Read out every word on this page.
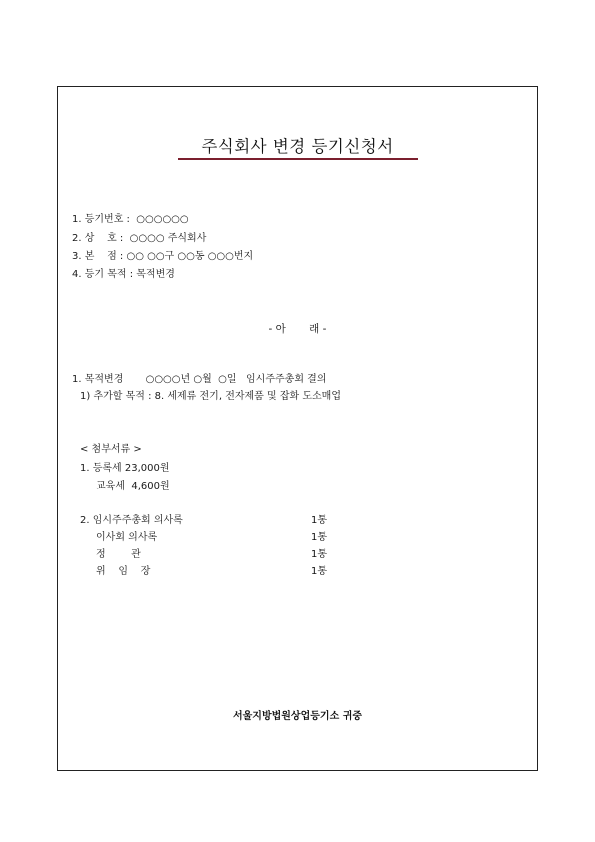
주식회사 변경 등기신청서
1. 등기번호 :  ○○○○○○
2. 상    호 :  ○○○○ 주식회사
3. 본    점 : ○○ ○○구 ○○동 ○○○번지
4. 등기 목적 : 목적변경
- 아       래 -
1. 목적변경       ○○○○년 ○월  ○일   임시주주총회 결의
1) 추가할 목적 : 8. 세제류 전기, 전자제품 및 잡화 도소매업
< 첨부서류 >
1. 등록세 23,000원
교육세  4,600원
2. 임시주주총회 의사록	1통
이사회 의사록	1통
정        관	1통
위    임    장	1통
서울지방법원상업등기소 귀중
